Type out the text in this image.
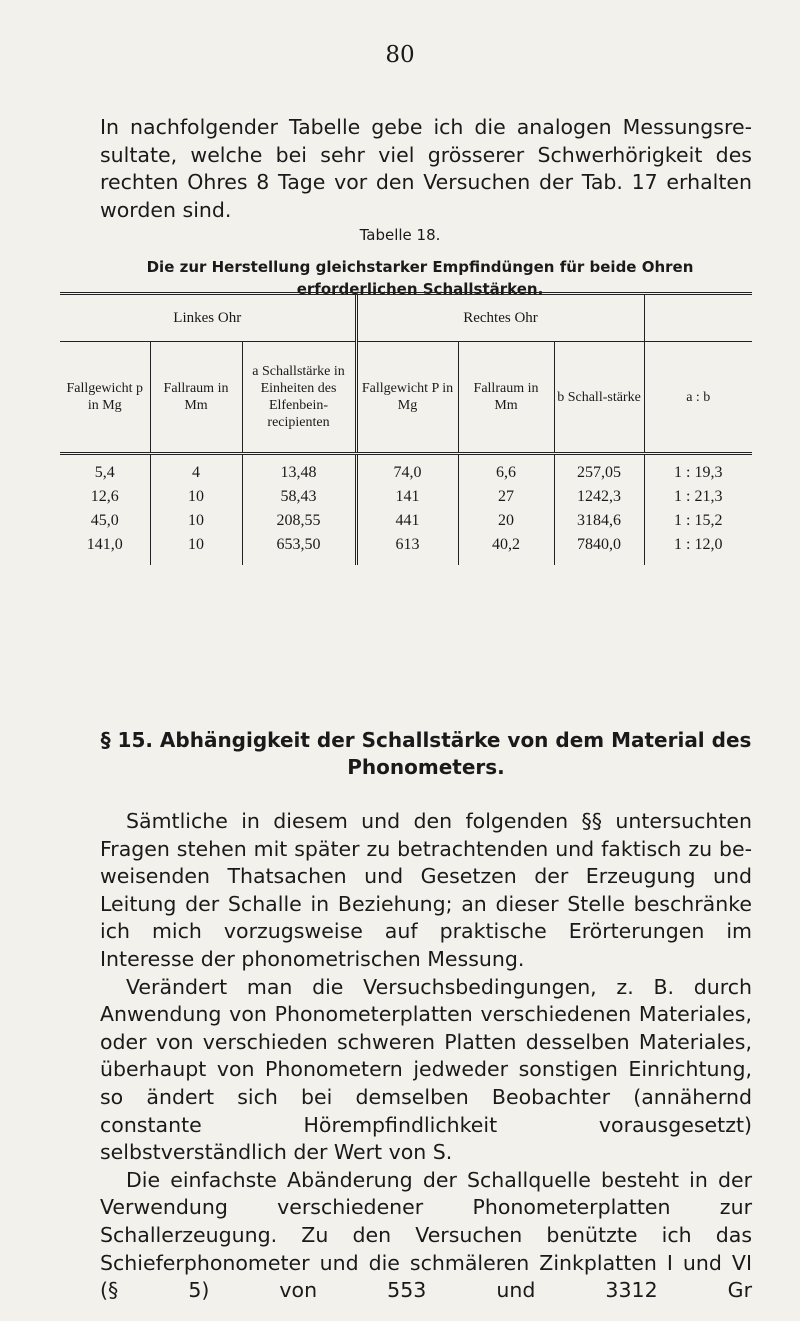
80
In nachfolgender Tabelle gebe ich die analogen Messungsresultate, welche bei sehr viel grösserer Schwerhörigkeit des rechten Ohres 8 Tage vor den Versuchen der Tab. 17 erhalten worden sind.
Tabelle 18.
Die zur Herstellung gleichstarker Empfindüngen für beide Ohren erforderlichen Schallstärken.
Linkes Ohr			Rechtes Ohr			
Fallgewicht p in Mg	Fallraum in Mm	a Schallstärke in Einheiten des Elfenbein-recipienten	Fallgewicht P in Mg	Fallraum in Mm	b Schall-stärke	a : b
5,4	4	13,48	74,0	6,6	257,05	1 : 19,3
12,6	10	58,43	141	27	1242,3	1 : 21,3
45,0	10	208,55	441	20	3184,6	1 : 15,2
141,0	10	653,50	613	40,2	7840,0	1 : 12,0
§ 15. Abhängigkeit der Schallstärke von dem Material des Phonometers.

Sämtliche in diesem und den folgenden §§ untersuchten Fragen stehen mit später zu betrachtenden und faktisch zu beweisenden Thatsachen und Gesetzen der Erzeugung und Leitung der Schalle in Beziehung; an dieser Stelle beschränke ich mich vorzugsweise auf praktische Erörterungen im Interesse der phonometrischen Messung.

Verändert man die Versuchsbedingungen, z. B. durch Anwendung von Phonometerplatten verschiedenen Materiales, oder von verschieden schweren Platten desselben Materiales, überhaupt von Phonometern jedweder sonstigen Einrichtung, so ändert sich bei demselben Beobachter (annähernd constante Hörempfindlichkeit vorausgesetzt) selbstverständlich der Wert von S.

Die einfachste Abänderung der Schallquelle besteht in der Verwendung verschiedener Phonometerplatten zur Schallerzeugung. Zu den Versuchen benützte ich das Schieferphonometer und die schmäleren Zinkplatten I und VI (§ 5) von 553 und 3312 Gr
